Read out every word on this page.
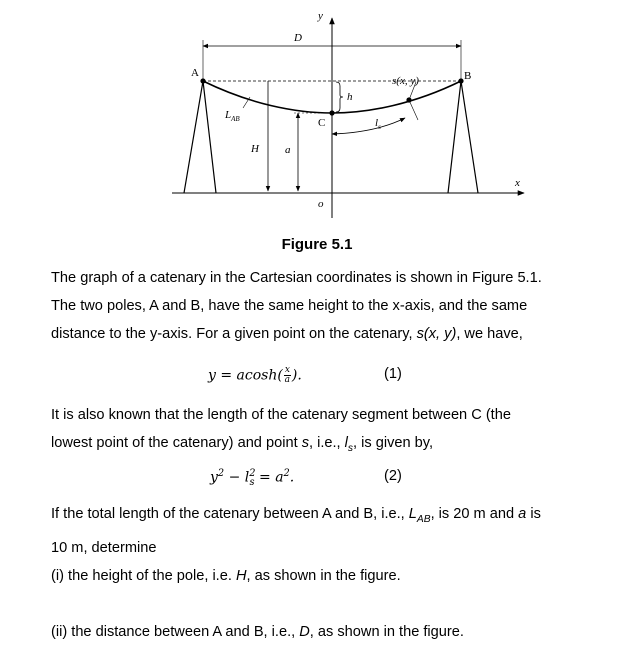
y
x
D
A	B
C
o
h
s(x, y)
$l_s$
$L_{AB}$
H a
Figure 5.1
The graph of a catenary in the Cartesian coordinates is shown in Figure 5.1.
The two poles, A and B, have the same height to the x-axis, and the same
distance to the y-axis. For a given point on the catenary, s(x, y), we have,
$y = acosh( \frac{x}{a}$ ).	(1)
It is also known that the length of the catenary segment between C (the
lowest point of the catenary) and point s, i.e., $l_s$, is given by,
$y^2 - l^2_s = a^2$.	(2)
If the total length of the catenary between A and B, i.e., $L_{AB}$, is 20 m and a is
10 m, determine
(i) the height of the pole, i.e. H, as shown in the figure.
(ii) the distance between A and B, i.e., D, as shown in the figure.
